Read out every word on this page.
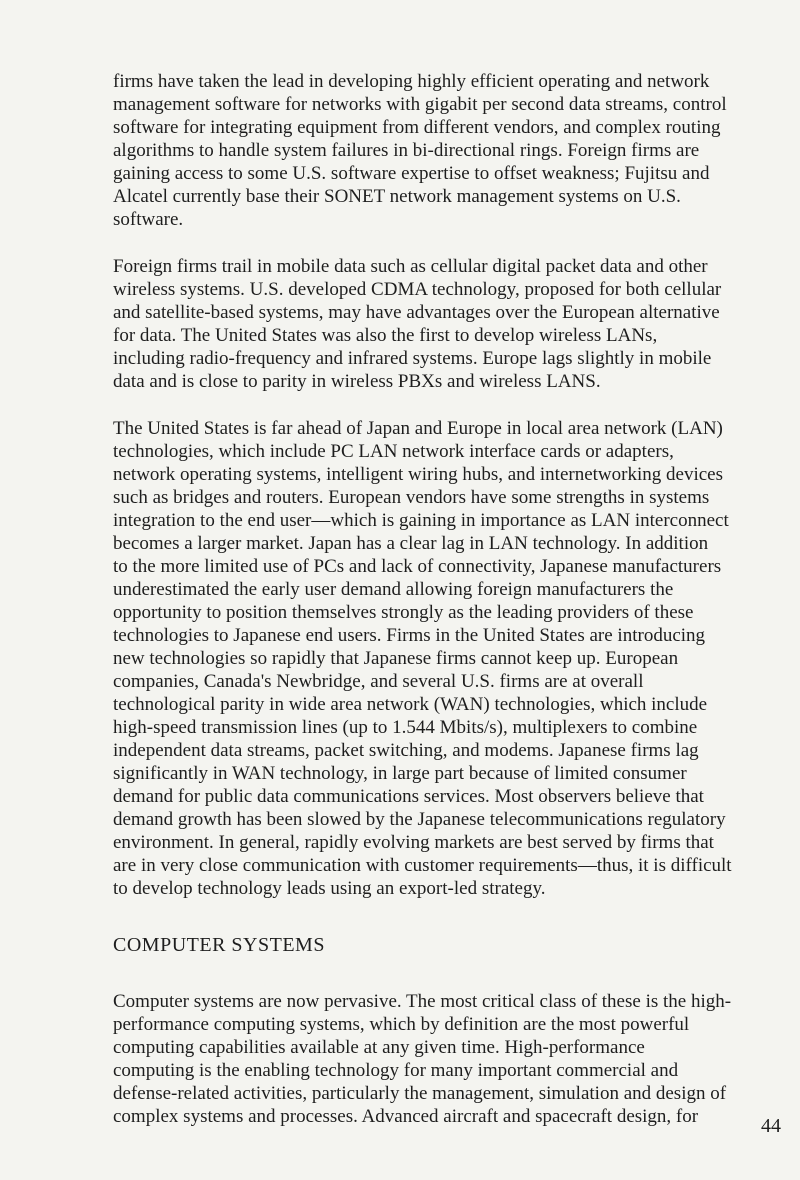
firms have taken the lead in developing highly efficient operating and network
management software for networks with gigabit per second data streams, control
software for integrating equipment from different vendors, and complex routing
algorithms to handle system failures in bi-directional rings. Foreign firms are
gaining access to some U.S. software expertise to offset weakness; Fujitsu and
Alcatel currently base their SONET network management systems on U.S.
software.

Foreign firms trail in mobile data such as cellular digital packet data and other
wireless systems. U.S. developed CDMA technology, proposed for both cellular
and satellite-based systems, may have advantages over the European alternative
for data. The United States was also the first to develop wireless LANs,
including radio-frequency and infrared systems. Europe lags slightly in mobile
data and is close to parity in wireless PBXs and wireless LANS.

The United States is far ahead of Japan and Europe in local area network (LAN)
technologies, which include PC LAN network interface cards or adapters,
network operating systems, intelligent wiring hubs, and internetworking devices
such as bridges and routers. European vendors have some strengths in systems
integration to the end user—which is gaining in importance as LAN interconnect
becomes a larger market. Japan has a clear lag in LAN technology. In addition
to the more limited use of PCs and lack of connectivity, Japanese manufacturers
underestimated the early user demand allowing foreign manufacturers the
opportunity to position themselves strongly as the leading providers of these
technologies to Japanese end users. Firms in the United States are introducing
new technologies so rapidly that Japanese firms cannot keep up. European
companies, Canada's Newbridge, and several U.S. firms are at overall
technological parity in wide area network (WAN) technologies, which include
high-speed transmission lines (up to 1.544 Mbits/s), multiplexers to combine
independent data streams, packet switching, and modems. Japanese firms lag
significantly in WAN technology, in large part because of limited consumer
demand for public data communications services. Most observers believe that
demand growth has been slowed by the Japanese telecommunications regulatory
environment. In general, rapidly evolving markets are best served by firms that
are in very close communication with customer requirements—thus, it is difficult
to develop technology leads using an export-led strategy.

COMPUTER SYSTEMS

Computer systems are now pervasive. The most critical class of these is the high-
performance computing systems, which by definition are the most powerful
computing capabilities available at any given time. High-performance
computing is the enabling technology for many important commercial and
defense-related activities, particularly the management, simulation and design of
complex systems and processes. Advanced aircraft and spacecraft design, for	44
